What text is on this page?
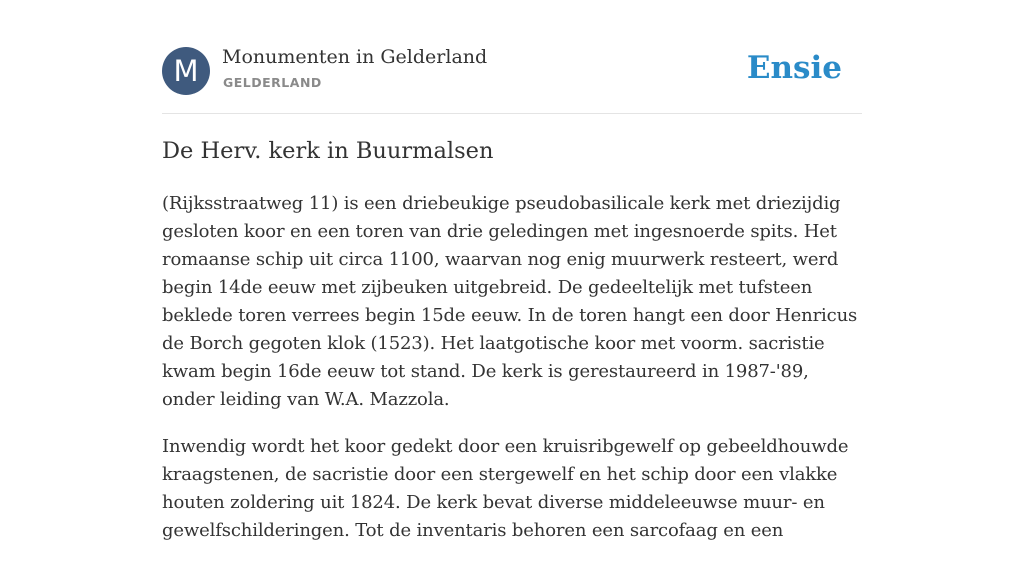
M	Monumenten in Gelderland
GELDERLAND	Ensie
De Herv. kerk in Buurmalsen

(Rijksstraatweg 11) is een driebeukige pseudobasilicale kerk met driezijdig gesloten koor en een toren van drie geledingen met ingesnoerde spits. Het romaanse schip uit circa 1100, waarvan nog enig muurwerk resteert, werd begin 14de eeuw met zijbeuken uitgebreid. De gedeeltelijk met tufsteen beklede toren verrees begin 15de eeuw. In de toren hangt een door Henricus de Borch gegoten klok (1523). Het laatgotische koor met voorm. sacristie kwam begin 16de eeuw tot stand. De kerk is gerestaureerd in 1987-'89, onder leiding van W.A. Mazzola.

Inwendig wordt het koor gedekt door een kruisribgewelf op gebeeldhouwde kraagstenen, de sacristie door een stergewelf en het schip door een vlakke houten zoldering uit 1824. De kerk bevat diverse middeleeuwse muur- en gewelfschilderingen. Tot de inventaris behoren een sarcofaag en een
